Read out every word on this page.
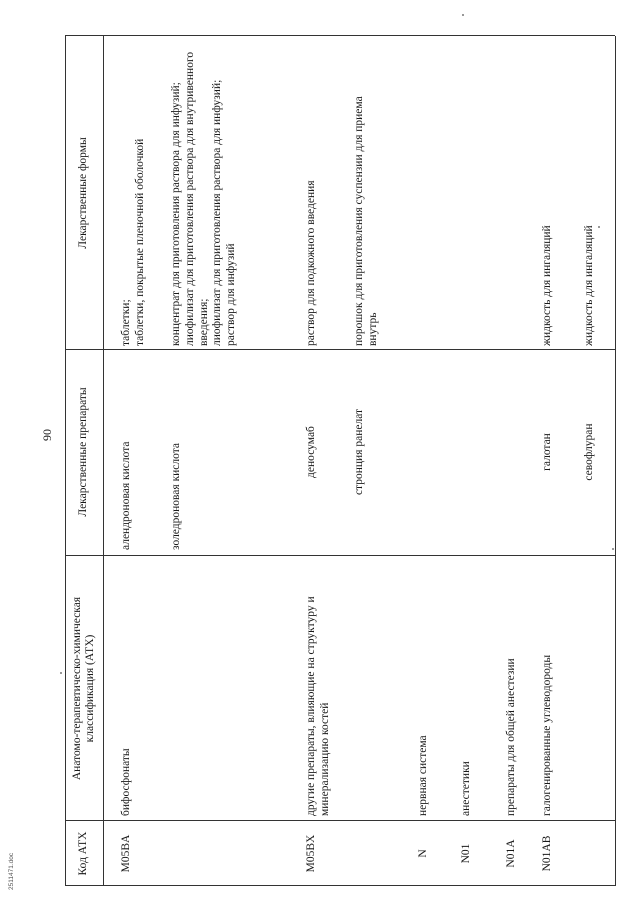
90
2511471.doc	Код АТХ
Анатомо-терапевтическо-химическая классификация (АТХ)
Лекарственные препараты
Лекарственные формы
M05BA
бифосфонаты
алендроновая кислота
таблетки;
таблетки, покрытые пленочной оболочкой
золедроновая кислота
концентрат для приготовления раствора для инфузий;
лиофилизат для приготовления раствора для внутривенного введения;
лиофилизат для приготовления раствора для инфузий;
раствор для инфузий
M05BX
другие препараты, влияющие на структуру и минерализацию костей
деносумаб
раствор для подкожного введения
стронция ранелат
порошок для приготовления суспензии для приема внутрь
N
нервная система
N01
анестетики
N01A
препараты для общей анестезии
N01AB
галогенированные углеводороды
галотан
жидкость для ингаляций
севофлуран
жидкость для ингаляций
